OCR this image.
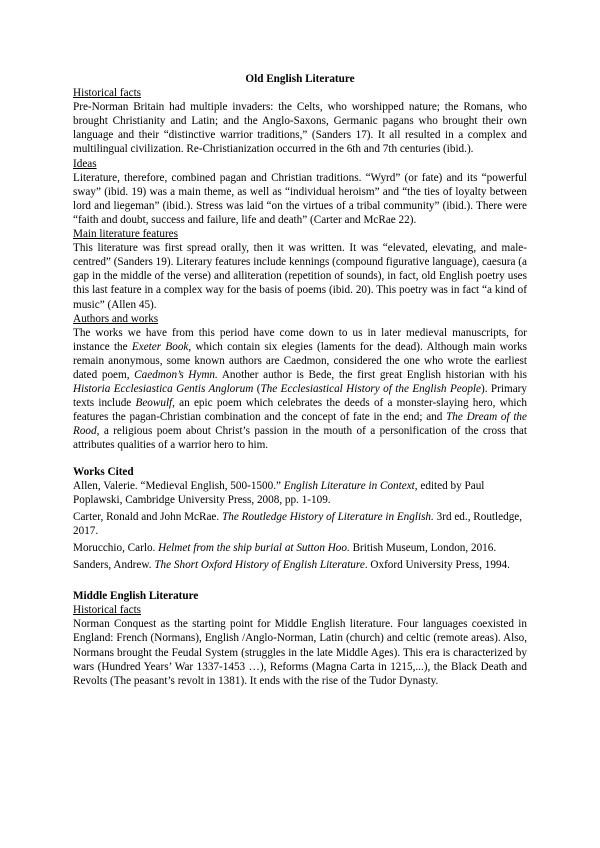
Old English Literature

Historical facts

Pre-Norman Britain had multiple invaders: the Celts, who worshipped nature; the Romans, who brought Christianity and Latin; and the Anglo-Saxons, Germanic pagans who brought their own language and their “distinctive warrior traditions,” (Sanders 17). It all resulted in a complex and multilingual civilization. Re-Christianization occurred in the 6th and 7th centuries (ibid.).

Ideas

Literature, therefore, combined pagan and Christian traditions. “Wyrd” (or fate) and its “powerful sway” (ibid. 19) was a main theme, as well as “individual heroism” and “the ties of loyalty between lord and liegeman” (ibid.). Stress was laid “on the virtues of a tribal community” (ibid.). There were “faith and doubt, success and failure, life and death” (Carter and McRae 22).

Main literature features

This literature was first spread orally, then it was written. It was “elevated, elevating, and male-centred” (Sanders 19). Literary features include kennings (compound figurative language), caesura (a gap in the middle of the verse) and alliteration (repetition of sounds), in fact, old English poetry uses this last feature in a complex way for the basis of poems (ibid. 20). This poetry was in fact “a kind of music” (Allen 45).

Authors and works

The works we have from this period have come down to us in later medieval manuscripts, for instance the Exeter Book, which contain six elegies (laments for the dead). Although main works remain anonymous, some known authors are Caedmon, considered the one who wrote the earliest dated poem, Caedmon’s Hymn. Another author is Bede, the first great English historian with his Historia Ecclesiastica Gentis Anglorum (The Ecclesiastical History of the English People). Primary texts include Beowulf, an epic poem which celebrates the deeds of a monster-slaying hero, which features the pagan-Christian combination and the concept of fate in the end; and The Dream of the Rood, a religious poem about Christ’s passion in the mouth of a personification of the cross that attributes qualities of a warrior hero to him.

Works Cited

Allen, Valerie. “Medieval English, 500-1500.” English Literature in Context, edited by Paul Poplawski, Cambridge University Press, 2008, pp. 1-109.

Carter, Ronald and John McRae. The Routledge History of Literature in English. 3rd ed., Routledge, 2017.

Morucchio, Carlo. Helmet from the ship burial at Sutton Hoo. British Museum, London, 2016.

Sanders, Andrew. The Short Oxford History of English Literature. Oxford University Press, 1994.

Middle English Literature

Historical facts

Norman Conquest as the starting point for Middle English literature. Four languages coexisted in England: French (Normans), English /Anglo-Norman, Latin (church) and celtic (remote areas). Also, Normans brought the Feudal System (struggles in the late Middle Ages). This era is characterized by wars (Hundred Years’ War 1337-1453 …), Reforms (Magna Carta in 1215,...), the Black Death and Revolts (The peasant’s revolt in 1381). It ends with the rise of the Tudor Dynasty.
